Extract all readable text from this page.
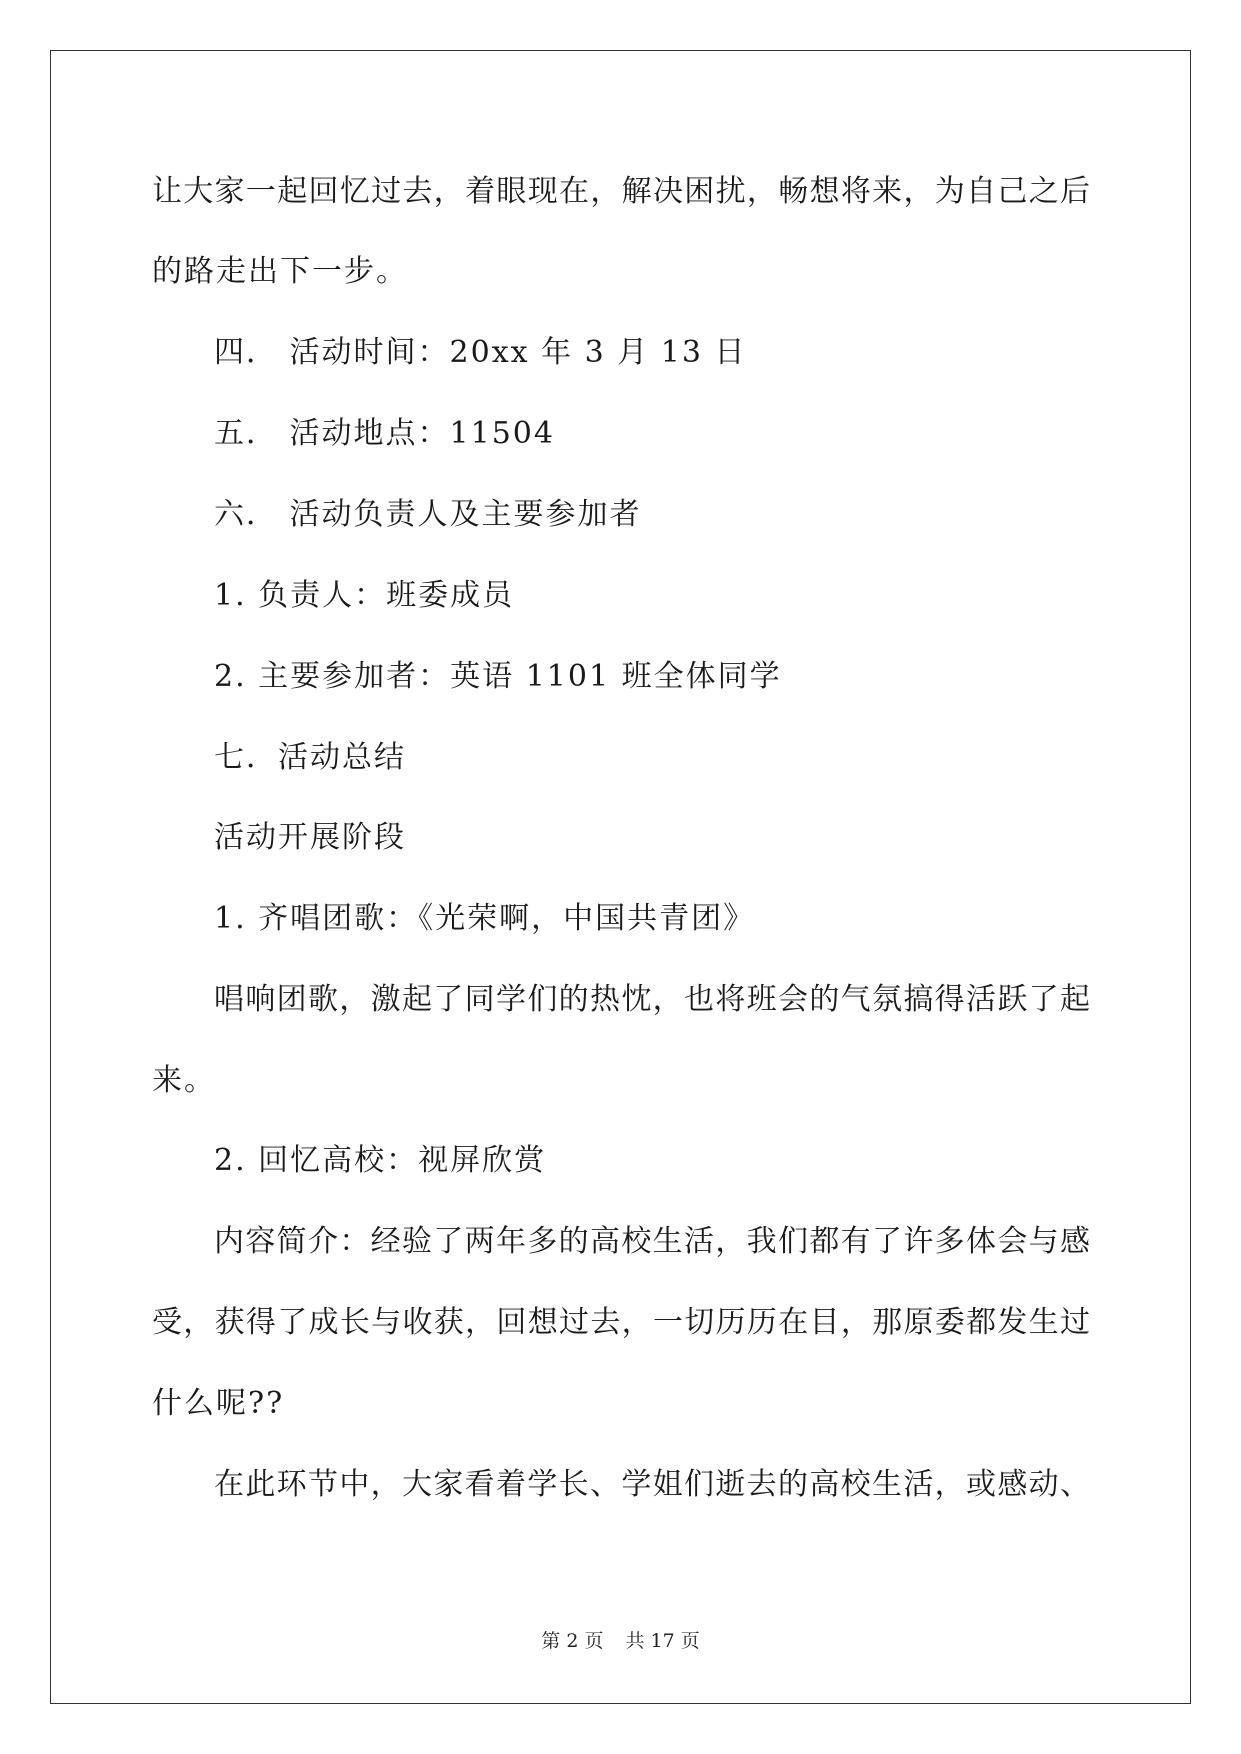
让大家一起回忆过去，着眼现在，解决困扰，畅想将来，为自己之后
的路走出下一步。
四． 活动时间：20xx 年 3 月 13 日
五． 活动地点：11504
六． 活动负责人及主要参加者
1. 负责人：班委成员
2. 主要参加者：英语 1101 班全体同学
七．活动总结
活动开展阶段
1. 齐唱团歌：《光荣啊，中国共青团》
唱响团歌，激起了同学们的热忱，也将班会的气氛搞得活跃了起
来。
2. 回忆高校：视屏欣赏
内容简介：经验了两年多的高校生活，我们都有了许多体会与感
受，获得了成长与收获，回想过去，一切历历在目，那原委都发生过
什么呢??
在此环节中，大家看着学长、学姐们逝去的高校生活，或感动、
第 2 页 共 17 页
